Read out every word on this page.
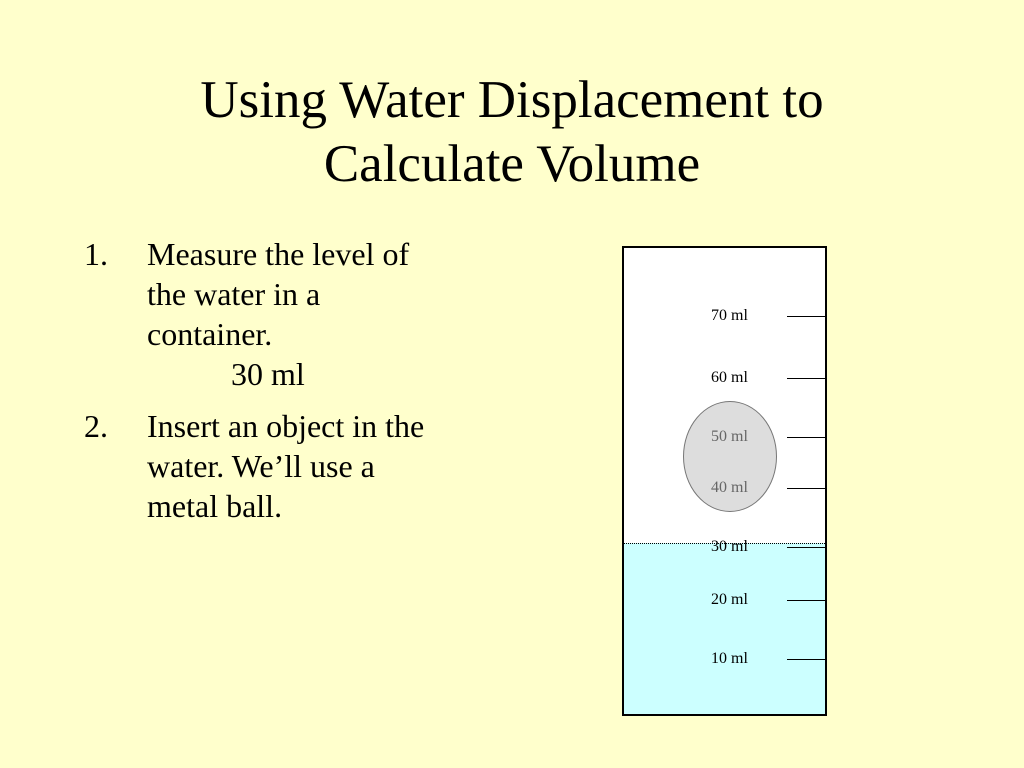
Using Water Displacement to
Calculate Volume
1.	Measure the level of
the water in a
container.
30 ml
2.	Insert an object in the
water. We’ll use a
metal ball.
70 ml
60 ml
50 ml
40 ml
30 ml
20 ml
10 ml
